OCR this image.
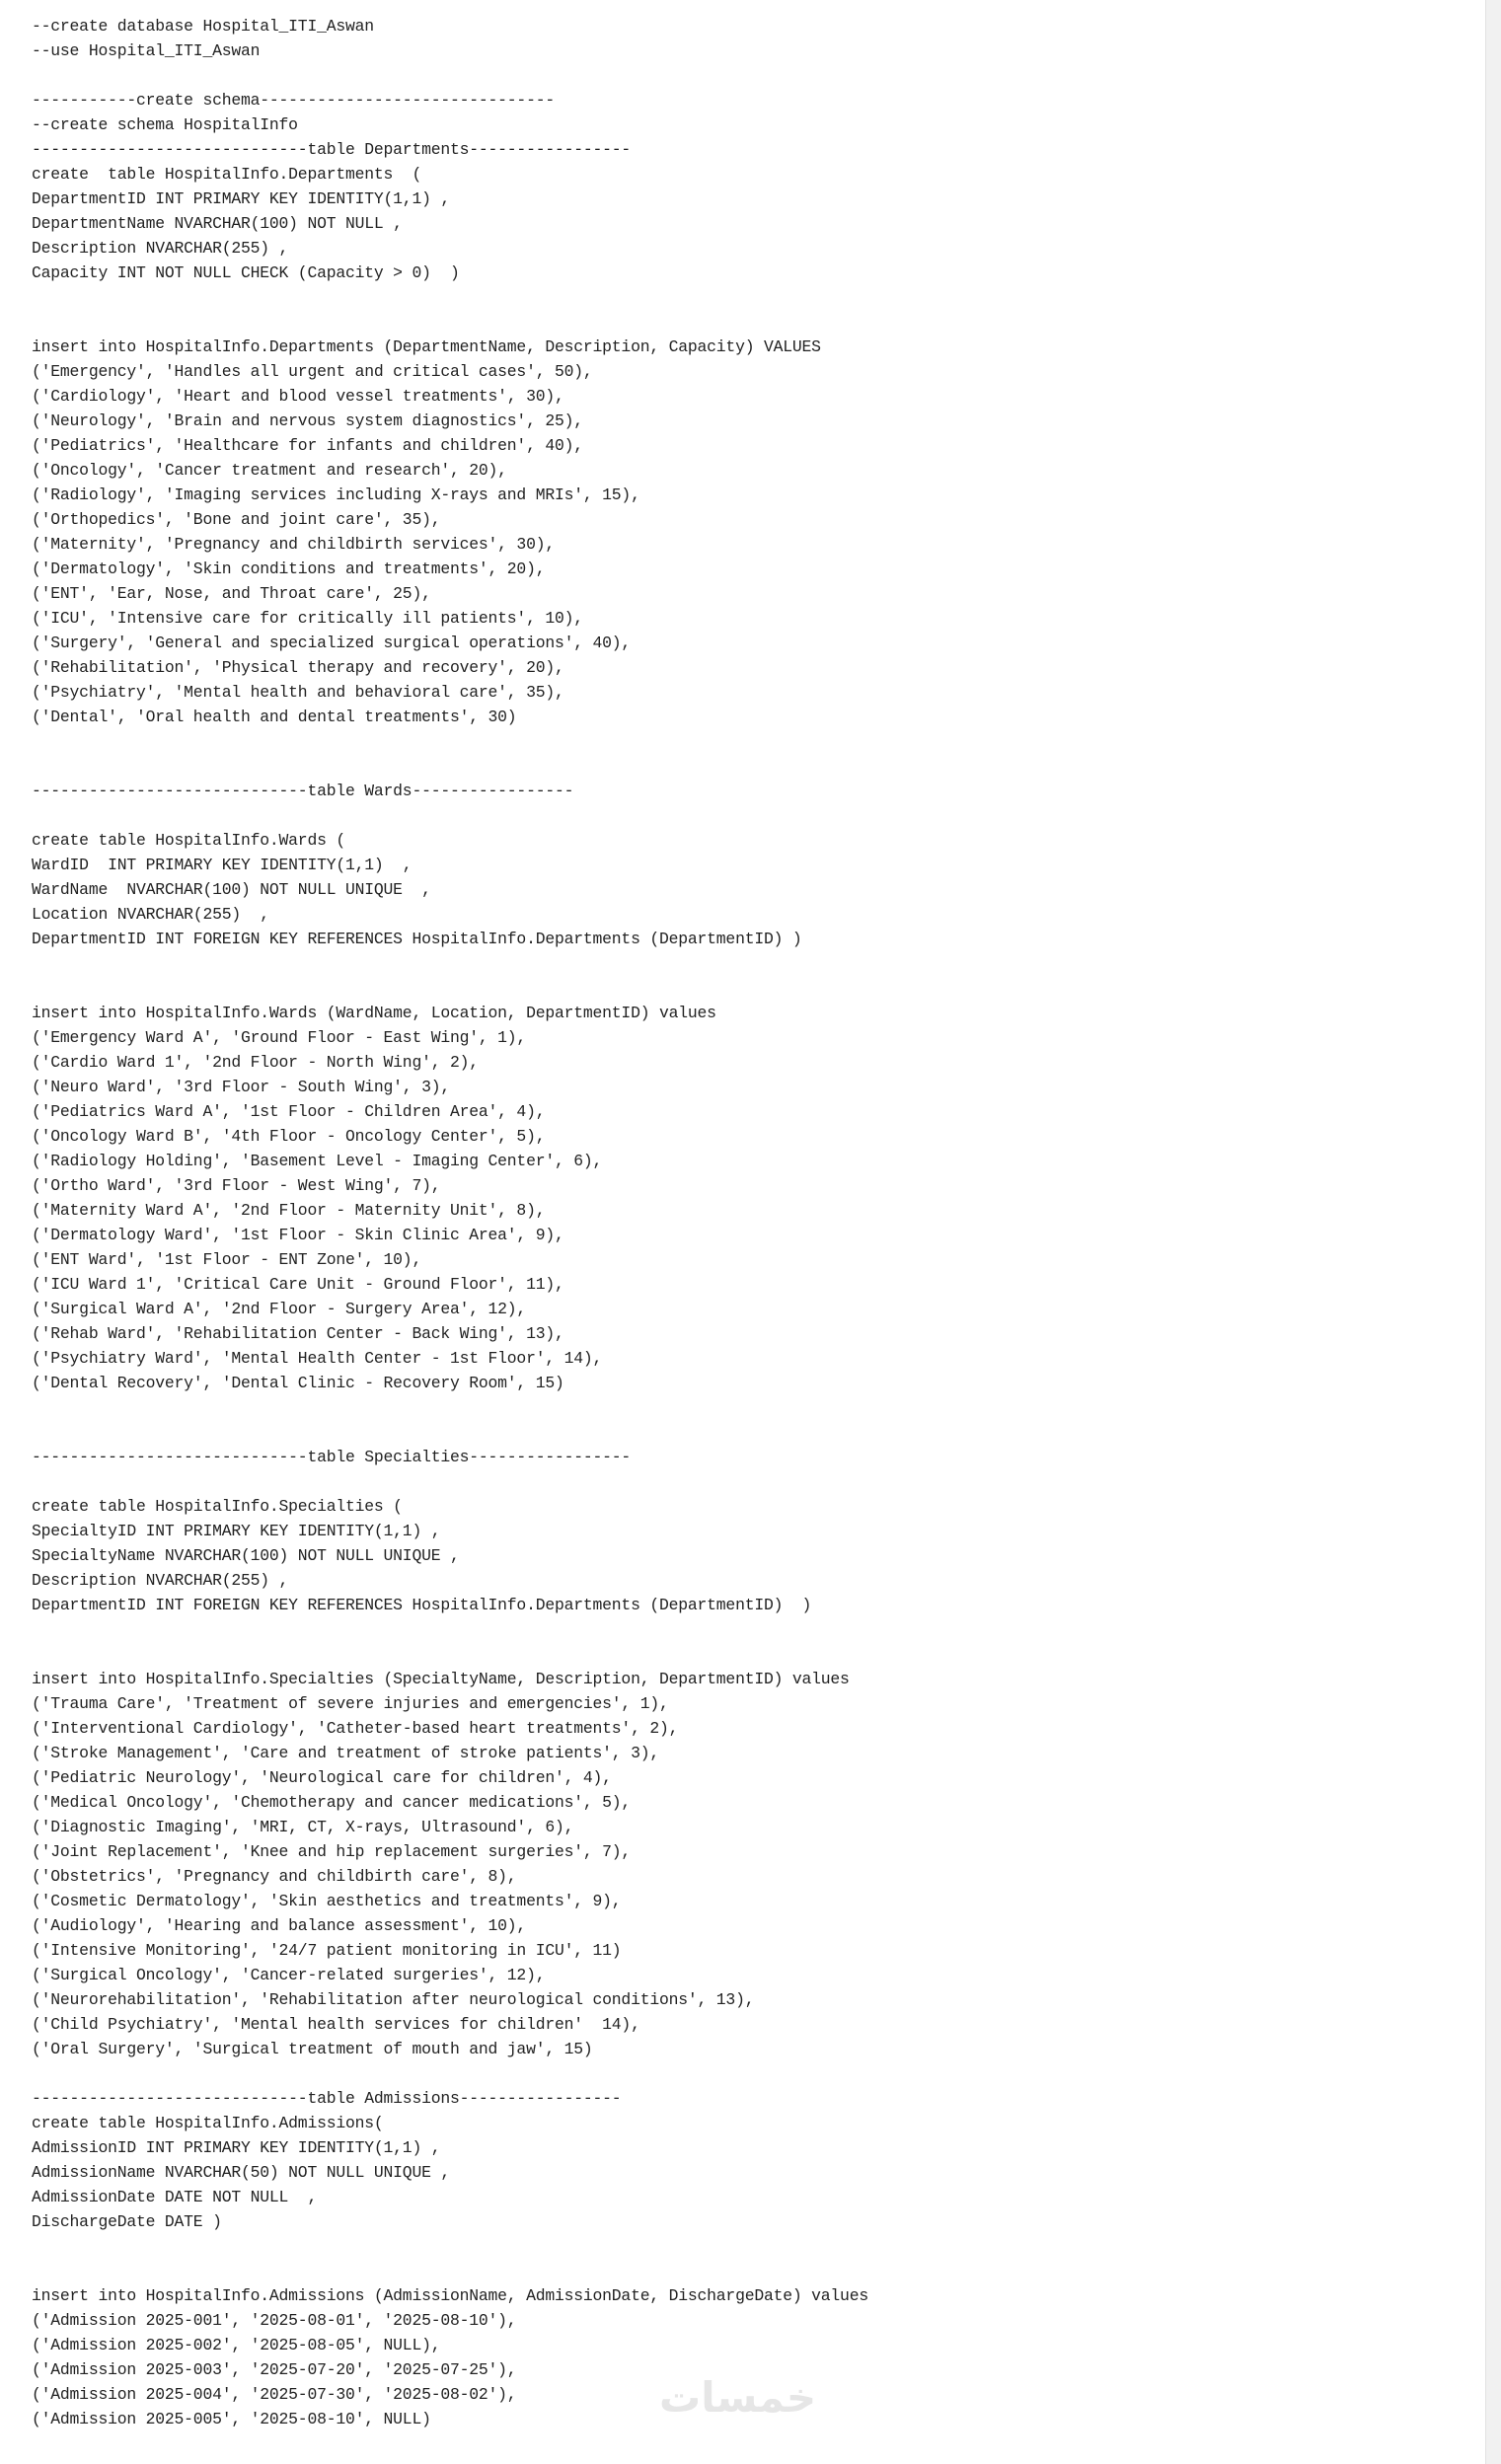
--create database Hospital_ITI_Aswan
--use Hospital_ITI_Aswan
-----------create schema-------------------------------
--create schema HospitalInfo
-----------------------------table Departments-----------------
create  table HospitalInfo.Departments  (
DepartmentID INT PRIMARY KEY IDENTITY(1,1) ,
DepartmentName NVARCHAR(100) NOT NULL ,
Description NVARCHAR(255) ,
Capacity INT NOT NULL CHECK (Capacity > 0)  )
insert into HospitalInfo.Departments (DepartmentName, Description, Capacity) VALUES
('Emergency', 'Handles all urgent and critical cases', 50),
('Cardiology', 'Heart and blood vessel treatments', 30),
('Neurology', 'Brain and nervous system diagnostics', 25),
('Pediatrics', 'Healthcare for infants and children', 40),
('Oncology', 'Cancer treatment and research', 20),
('Radiology', 'Imaging services including X-rays and MRIs', 15),
('Orthopedics', 'Bone and joint care', 35),
('Maternity', 'Pregnancy and childbirth services', 30),
('Dermatology', 'Skin conditions and treatments', 20),
('ENT', 'Ear, Nose, and Throat care', 25),
('ICU', 'Intensive care for critically ill patients', 10),
('Surgery', 'General and specialized surgical operations', 40),
('Rehabilitation', 'Physical therapy and recovery', 20),
('Psychiatry', 'Mental health and behavioral care', 35),
('Dental', 'Oral health and dental treatments', 30)
-----------------------------table Wards-----------------
create table HospitalInfo.Wards (
WardID  INT PRIMARY KEY IDENTITY(1,1)  ,
WardName  NVARCHAR(100) NOT NULL UNIQUE  ,
Location NVARCHAR(255)  ,
DepartmentID INT FOREIGN KEY REFERENCES HospitalInfo.Departments (DepartmentID) )
insert into HospitalInfo.Wards (WardName, Location, DepartmentID) values
('Emergency Ward A', 'Ground Floor - East Wing', 1),
('Cardio Ward 1', '2nd Floor - North Wing', 2),
('Neuro Ward', '3rd Floor - South Wing', 3),
('Pediatrics Ward A', '1st Floor - Children Area', 4),
('Oncology Ward B', '4th Floor - Oncology Center', 5),
('Radiology Holding', 'Basement Level - Imaging Center', 6),
('Ortho Ward', '3rd Floor - West Wing', 7),
('Maternity Ward A', '2nd Floor - Maternity Unit', 8),
('Dermatology Ward', '1st Floor - Skin Clinic Area', 9),
('ENT Ward', '1st Floor - ENT Zone', 10),
('ICU Ward 1', 'Critical Care Unit - Ground Floor', 11),
('Surgical Ward A', '2nd Floor - Surgery Area', 12),
('Rehab Ward', 'Rehabilitation Center - Back Wing', 13),
('Psychiatry Ward', 'Mental Health Center - 1st Floor', 14),
('Dental Recovery', 'Dental Clinic - Recovery Room', 15)
-----------------------------table Specialties-----------------
create table HospitalInfo.Specialties (
SpecialtyID INT PRIMARY KEY IDENTITY(1,1) ,
SpecialtyName NVARCHAR(100) NOT NULL UNIQUE ,
Description NVARCHAR(255) ,
DepartmentID INT FOREIGN KEY REFERENCES HospitalInfo.Departments (DepartmentID)  )
insert into HospitalInfo.Specialties (SpecialtyName, Description, DepartmentID) values
('Trauma Care', 'Treatment of severe injuries and emergencies', 1),
('Interventional Cardiology', 'Catheter-based heart treatments', 2),
('Stroke Management', 'Care and treatment of stroke patients', 3),
('Pediatric Neurology', 'Neurological care for children', 4),
('Medical Oncology', 'Chemotherapy and cancer medications', 5),
('Diagnostic Imaging', 'MRI, CT, X-rays, Ultrasound', 6),
('Joint Replacement', 'Knee and hip replacement surgeries', 7),
('Obstetrics', 'Pregnancy and childbirth care', 8),
('Cosmetic Dermatology', 'Skin aesthetics and treatments', 9),
('Audiology', 'Hearing and balance assessment', 10),
('Intensive Monitoring', '24/7 patient monitoring in ICU', 11)
('Surgical Oncology', 'Cancer-related surgeries', 12),
('Neurorehabilitation', 'Rehabilitation after neurological conditions', 13),
('Child Psychiatry', 'Mental health services for children'  14),
('Oral Surgery', 'Surgical treatment of mouth and jaw', 15)
-----------------------------table Admissions-----------------
create table HospitalInfo.Admissions(
AdmissionID INT PRIMARY KEY IDENTITY(1,1) ,
AdmissionName NVARCHAR(50) NOT NULL UNIQUE ,
AdmissionDate DATE NOT NULL  ,
DischargeDate DATE )
insert into HospitalInfo.Admissions (AdmissionName, AdmissionDate, DischargeDate) values
('Admission 2025-001', '2025-08-01', '2025-08-10'),
('Admission 2025-002', '2025-08-05', NULL),
('Admission 2025-003', '2025-07-20', '2025-07-25'),
('Admission 2025-004', '2025-07-30', '2025-08-02'),
('Admission 2025-005', '2025-08-10', NULL)	خمسات
